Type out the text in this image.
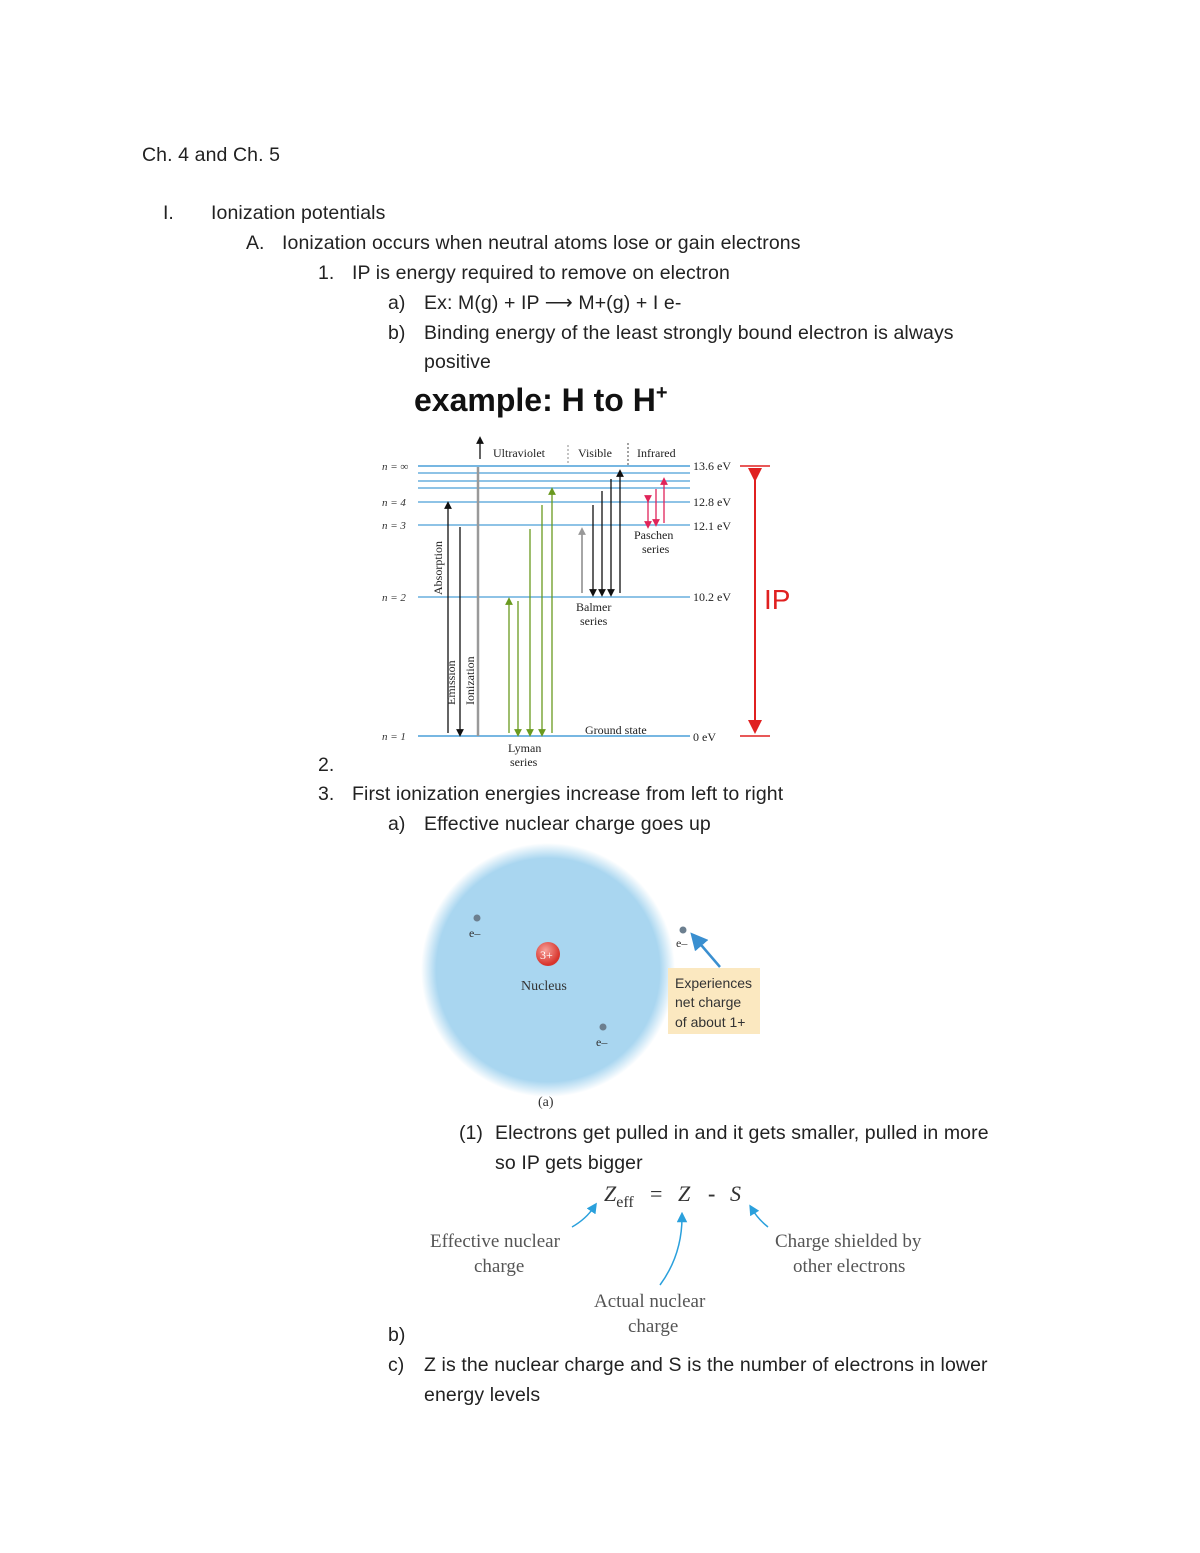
Ch. 4 and Ch. 5
I. Ionization potentials
A. Ionization occurs when neutral atoms lose or gain electrons
1. IP is energy required to remove on electron
a) Ex: M(g) + IP ⟶ M+(g) + I e-
b) Binding energy of the least strongly bound electron is always
positive
2.
3. First ionization energies increase from left to right
a) Effective nuclear charge goes up
(1) Electrons get pulled in and it gets smaller, pulled in more
so IP gets bigger
b)
c) Z is the nuclear charge and S is the number of electrons in lower
energy levels
example: H to H+
Ultraviolet	Visible Infrared
n = ∞
n = 4
n = 3
n = 2
n = 1
13.6 eV
12.8 eV
12.1 eV
10.2 eV
0 eV
Absorption
Emission Ionization
Lyman
series
Balmer
series
Paschen
series
Ground state
IP
3+
Nucleus
e–
e–
e–
Experiences
net charge
of about 1+
(a)
$Z_{eff} = Z - S$
Effective nuclear
charge
Charge shielded by
other electrons
Actual nuclear
charge
